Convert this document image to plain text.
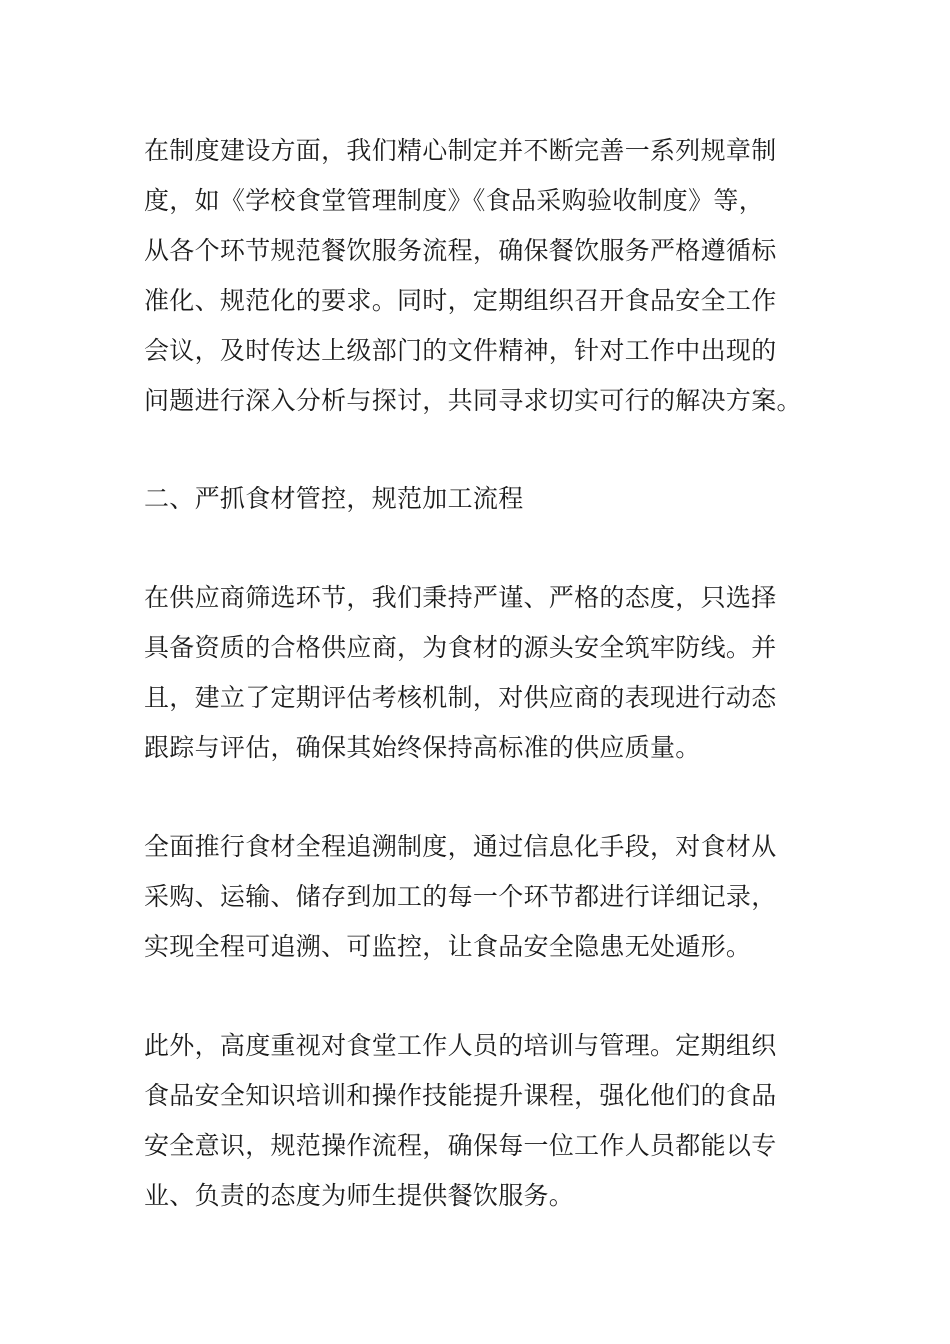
在制度建设方面，我们精心制定并不断完善一系列规章制
度，如《学校食堂管理制度》《食品采购验收制度》等，
从各个环节规范餐饮服务流程，确保餐饮服务严格遵循标
准化、规范化的要求。同时，定期组织召开食品安全工作
会议，及时传达上级部门的文件精神，针对工作中出现的
问题进行深入分析与探讨，共同寻求切实可行的解决方案。

二、严抓食材管控，规范加工流程

在供应商筛选环节，我们秉持严谨、严格的态度，只选择
具备资质的合格供应商，为食材的源头安全筑牢防线。并
且，建立了定期评估考核机制，对供应商的表现进行动态
跟踪与评估，确保其始终保持高标准的供应质量。

全面推行食材全程追溯制度，通过信息化手段，对食材从
采购、运输、储存到加工的每一个环节都进行详细记录，
实现全程可追溯、可监控，让食品安全隐患无处遁形。

此外，高度重视对食堂工作人员的培训与管理。定期组织
食品安全知识培训和操作技能提升课程，强化他们的食品
安全意识，规范操作流程，确保每一位工作人员都能以专
业、负责的态度为师生提供餐饮服务。
